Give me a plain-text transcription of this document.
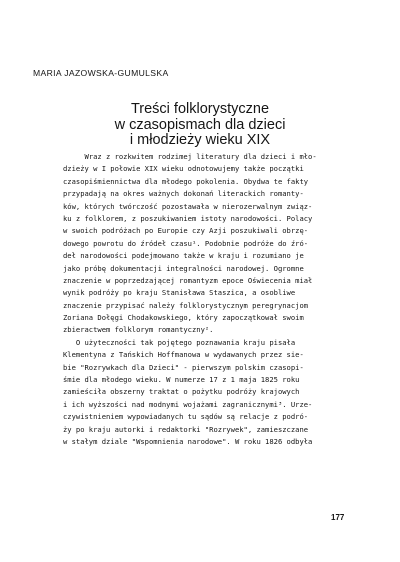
MARIA JAZOWSKA-GUMULSKA
Treści folklorystyczne
w czasopismach dla dzieci
i młodzieży wieku XIX
Wraz z rozkwitem rodzimej literatury dla dzieci i mło-
dzieży w I połowie XIX wieku odnotowujemy także początki
czasopiśmiennictwa dla młodego pokolenia. Obydwa te fakty
przypadają na okres ważnych dokonań literackich romanty-
ków, których twórczość pozostawała w nierozerwalnym związ-
ku z folklorem, z poszukiwaniem istoty narodowości. Polacy
w swoich podróżach po Europie czy Azji poszukiwali obrzę-
dowego powrotu do źródeł czasu¹. Podobnie podróże do źró-
deł narodowości podejmowano także w kraju i rozumiano je
jako próbę dokumentacji integralności narodowej. Ogromne
znaczenie w poprzedzającej romantyzm epoce Oświecenia miał
wynik podróży po kraju Stanisława Staszica, a osobliwe
znaczenie przypisać należy folklorystycznym peregrynacjom
Zoriana Dołęgi Chodakowskiego, który zapoczątkował swoim
zbieractwem folklorym romantyczny².
O użyteczności tak pojętego poznawania kraju pisała
Klementyna z Tańskich Hoffmanowa w wydawanych przez sie-
bie "Rozrywkach dla Dzieci" - pierwszym polskim czasopi-
śmie dla młodego wieku. W numerze 17 z 1 maja 1825 roku
zamieściła obszerny traktat o pożytku podróży krajowych
i ich wyższości nad modnymi wojażami zagranicznymi³. Urze-
czywistnieniem wypowiadanych tu sądów są relacje z podró-
ży po kraju autorki i redaktorki "Rozrywek", zamieszczane
w stałym dziale "Wspomnienia narodowe". W roku 1826 odbyła
177
